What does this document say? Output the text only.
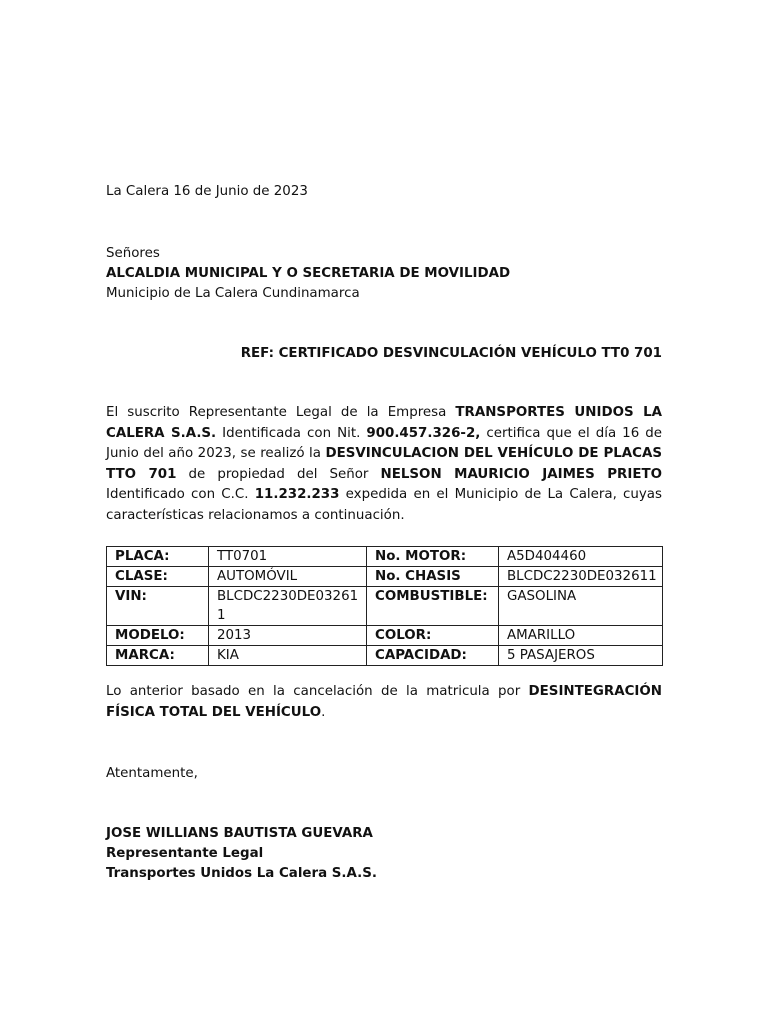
La Calera 16 de Junio de 2023
Señores
ALCALDIA MUNICIPAL Y O SECRETARIA DE MOVILIDAD
Municipio de La Calera Cundinamarca
REF: CERTIFICADO DESVINCULACIÓN VEHÍCULO TT0 701
El suscrito Representante Legal de la Empresa TRANSPORTES UNIDOS LA CALERA S.A.S. Identificada con Nit. 900.457.326-2, certifica que el día 16 de Junio del año 2023, se realizó la DESVINCULACION DEL VEHÍCULO DE PLACAS TTO 701 de propiedad del Señor NELSON MAURICIO JAIMES PRIETO Identificado con C.C. 11.232.233 expedida en el Municipio de La Calera, cuyas características relacionamos a continuación.
PLACA:	TT0701	No. MOTOR:	A5D404460
CLASE:	AUTOMÓVIL	No. CHASIS	BLCDC2230DE032611
VIN:	BLCDC2230DE032611	COMBUSTIBLE:	GASOLINA
MODELO:	2013	COLOR:	AMARILLO
MARCA:	KIA	CAPACIDAD:	5 PASAJEROS
Lo anterior basado en la cancelación de la matricula por DESINTEGRACIÓN FÍSICA TOTAL DEL VEHÍCULO.
Atentamente,
JOSE WILLIANS BAUTISTA GUEVARA
Representante Legal
Transportes Unidos La Calera S.A.S.
